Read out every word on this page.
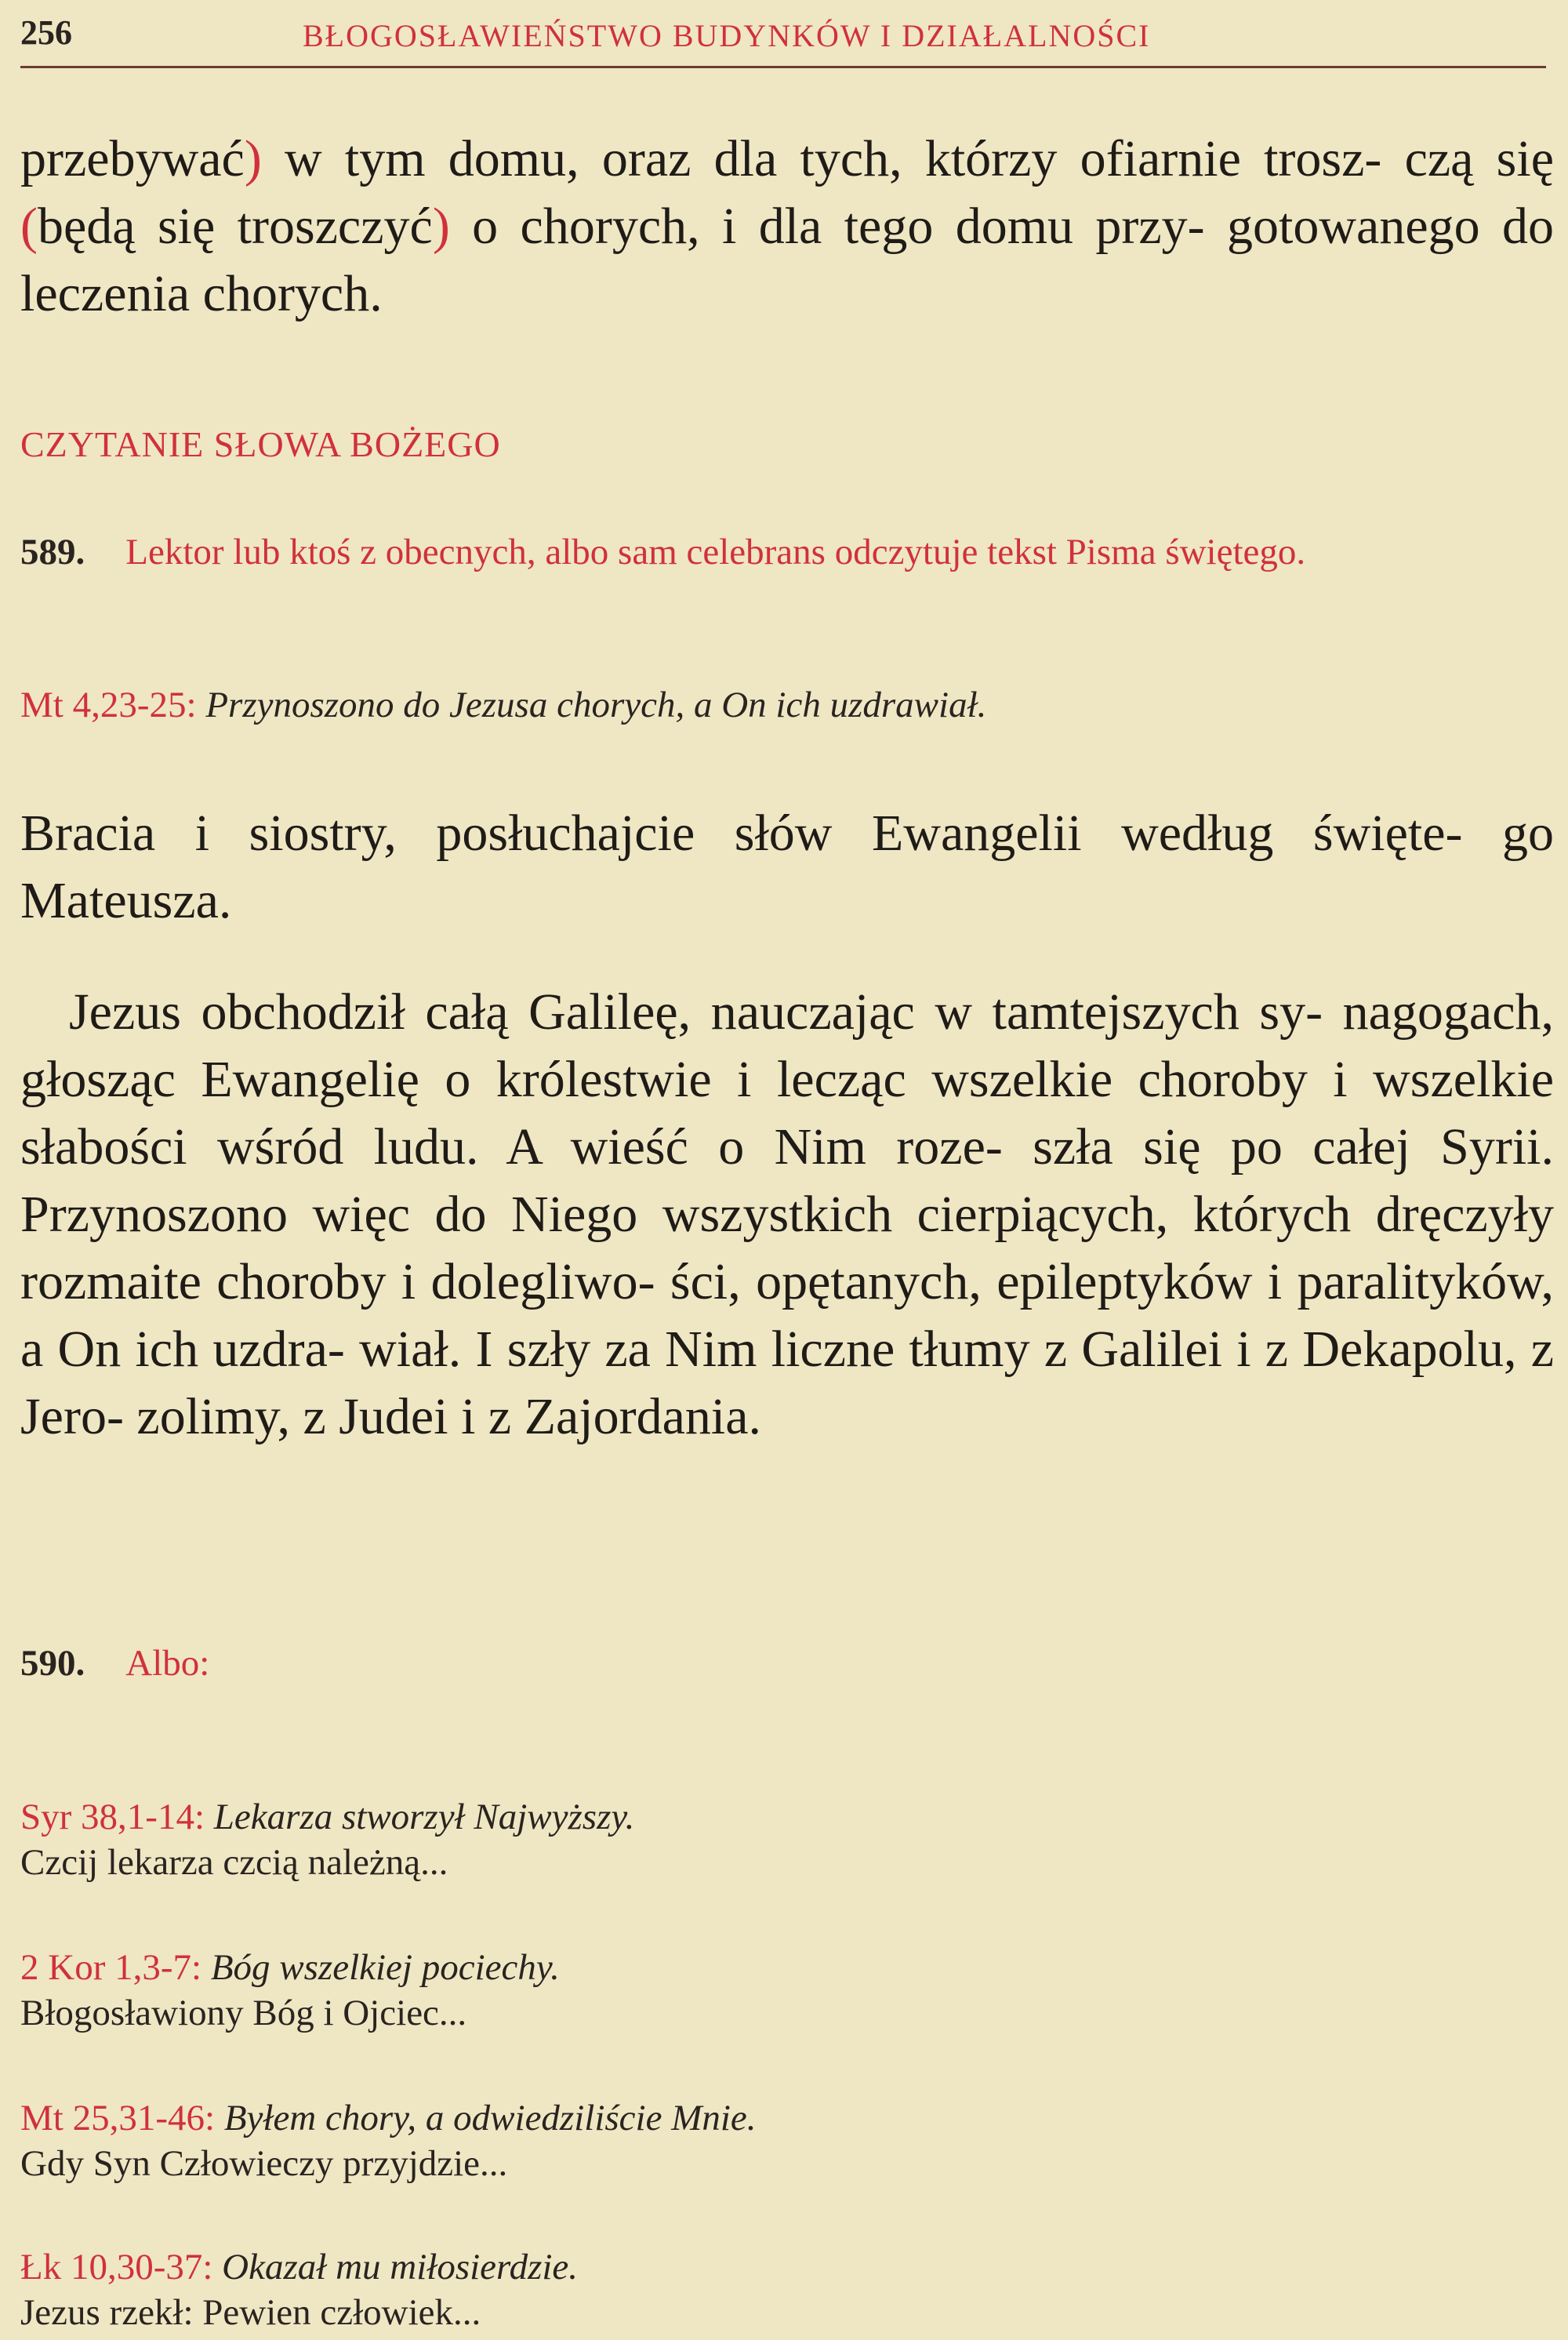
256	BŁOGOSŁAWIEŃSTWO BUDYNKÓW I DZIAŁALNOŚCI

przebywać) w tym domu, oraz dla tych, którzy ofiarnie trosz- czą się (będą się troszczyć) o chorych, i dla tego domu przy- gotowanego do leczenia chorych.

CZYTANIE SŁOWA BOŻEGO
589. Lektor lub ktoś z obecnych, albo sam celebrans odczytuje tekst Pisma świętego.
Mt 4,23-25: Przynoszono do Jezusa chorych, a On ich uzdrawiał.

Bracia i siostry, posłuchajcie słów Ewangelii według święte- go Mateusza.

Jezus obchodził całą Galileę, nauczając w tamtejszych sy- nagogach, głosząc Ewangelię o królestwie i lecząc wszelkie choroby i wszelkie słabości wśród ludu. A wieść o Nim roze- szła się po całej Syrii. Przynoszono więc do Niego wszystkich cierpiących, których dręczyły rozmaite choroby i dolegliwo- ści, opętanych, epileptyków i paralityków, a On ich uzdra- wiał. I szły za Nim liczne tłumy z Galilei i z Dekapolu, z Jero- zolimy, z Judei i z Zajordania.

590. Albo:
Syr 38,1-14: Lekarza stworzył Najwyższy.
Czcij lekarza czcią należną...
2 Kor 1,3-7: Bóg wszelkiej pociechy.
Błogosławiony Bóg i Ojciec...
Mt 25,31-46: Byłem chory, a odwiedziliście Mnie.
Gdy Syn Człowieczy przyjdzie...
Łk 10,30-37: Okazał mu miłosierdzie.
Jezus rzekł: Pewien człowiek...
